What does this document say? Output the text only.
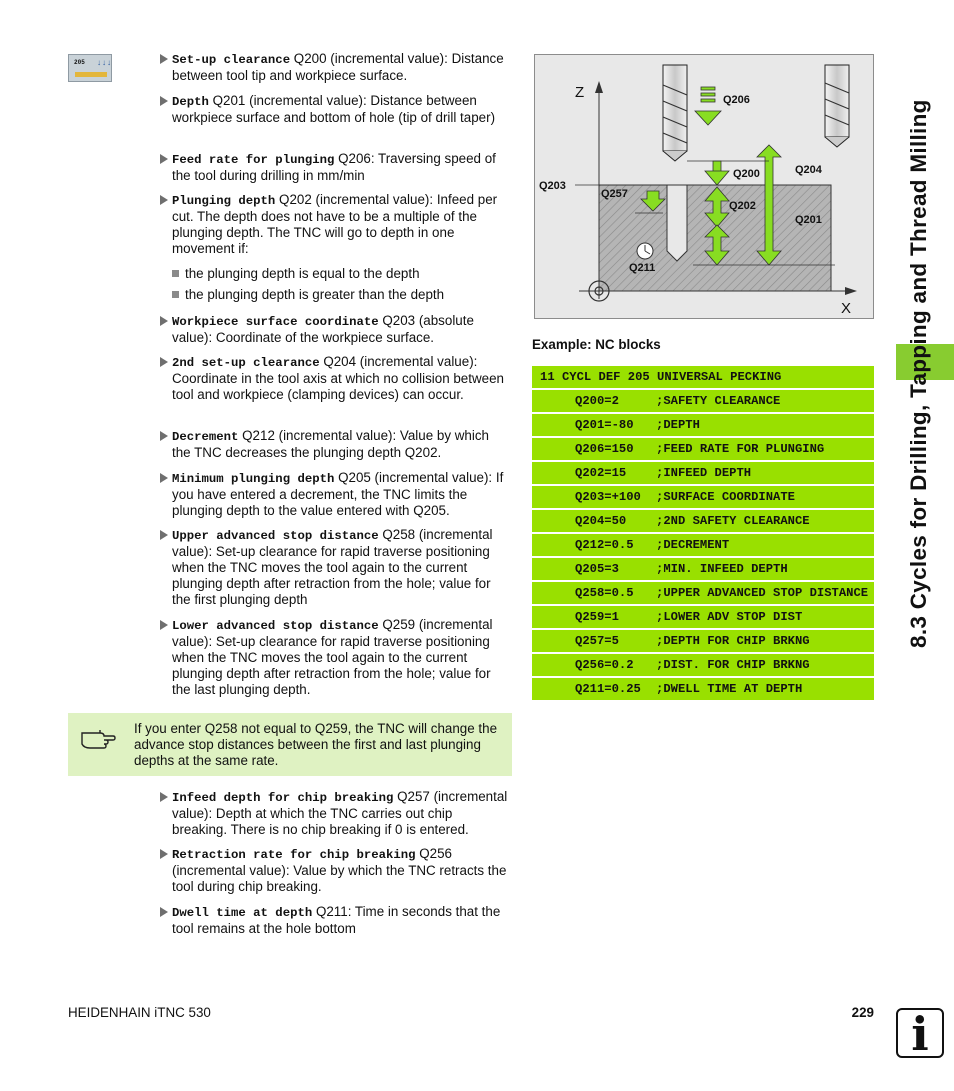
205 ↓↓↓	Set-up clearance Q200 (incremental value): Distance between tool tip and workpiece surface.
Depth Q201 (incremental value): Distance between workpiece surface and bottom of hole (tip of drill taper)
Feed rate for plunging Q206: Traversing speed of the tool during drilling in mm/min
Plunging depth Q202 (incremental value): Infeed per cut. The depth does not have to be a multiple of the plunging depth. The TNC will go to depth in one movement if:
the plunging depth is equal to the depth
the plunging depth is greater than the depth
Workpiece surface coordinate Q203 (absolute value): Coordinate of the workpiece surface.
2nd set-up clearance Q204 (incremental value): Coordinate in the tool axis at which no collision between tool and workpiece (clamping devices) can occur.
Decrement Q212 (incremental value): Value by which the TNC decreases the plunging depth Q202.
Minimum plunging depth Q205 (incremental value): If you have entered a decrement, the TNC limits the plunging depth to the value entered with Q205.
Upper advanced stop distance Q258 (incremental value): Set-up clearance for rapid traverse positioning when the TNC moves the tool again to the current plunging depth after retraction from the hole; value for the first plunging depth
Lower advanced stop distance Q259 (incremental value): Set-up clearance for rapid traverse positioning when the TNC moves the tool again to the current plunging depth after retraction from the hole; value for the last plunging depth.
If you enter Q258 not equal to Q259, the TNC will change the advance stop distances between the first and last plunging depths at the same rate.
Infeed depth for chip breaking Q257 (incremental value): Depth at which the TNC carries out chip breaking. There is no chip breaking if 0 is entered.
Retraction rate for chip breaking Q256 (incremental value): Value by which the TNC retracts the tool during chip breaking.
Dwell time at depth Q211: Time in seconds that the tool remains at the hole bottom
Z
X
Q206
Q200	Q204
Q203
Q257
Q202
Q201
Q211
Example: NC blocks
11 CYCL DEF 205 UNIVERSAL PECKING
Q200=2	;SAFETY CLEARANCE
Q201=-80 ;DEPTH
Q206=150 ;FEED RATE FOR PLUNGING
Q202=15 ;INFEED DEPTH
Q203=+100 ;SURFACE COORDINATE
Q204=50 ;2ND SAFETY CLEARANCE
Q212=0.5 ;DECREMENT
Q205=3	;MIN. INFEED DEPTH
Q258=0.5 ;UPPER ADVANCED STOP DISTANCE
Q259=1	;LOWER ADV STOP DIST
Q257=5	;DEPTH FOR CHIP BRKNG
Q256=0.2 ;DIST. FOR CHIP BRKNG
Q211=0.25 ;DWELL TIME AT DEPTH
8.3 Cycles for Drilling, Tapping and Thread Milling
HEIDENHAIN iTNC 530	229 i
